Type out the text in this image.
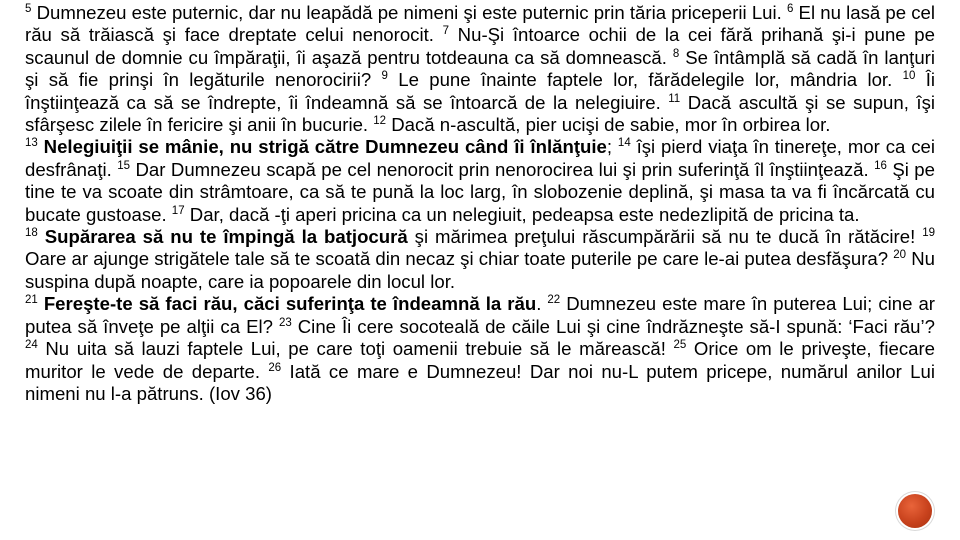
$^5$ Dumnezeu este puternic, dar nu leapădă pe nimeni şi este puternic prin tăria priceperii Lui. $^6$ El nu lasă pe cel rău să trăiască şi face dreptate celui nenorocit. $^7$ Nu-Şi întoarce ochii de la cei fără prihană şi-i pune pe scaunul de domnie cu împăraţii, îi aşază pentru totdeauna ca să domnească. $^8$ Se întâmplă să cadă în lanţuri şi să fie prinşi în legăturile nenorocirii? $^9$ Le pune înainte faptele lor, fărădelegile lor, mândria lor. $^{10}$ Îi înştiinţează ca să se îndrepte, îi îndeamnă să se întoarcă de la nelegiuire. $^{11}$ Dacă ascultă şi se supun, îşi sfârşesc zilele în fericire şi anii în bucurie. $^{12}$ Dacă n-ascultă, pier ucişi de sabie, mor în orbirea lor.

$^{13}$ Nelegiuiţii se mânie, nu strigă către Dumnezeu când îi înlănţuie; $^{14}$ îşi pierd viaţa în tinereţe, mor ca cei desfrânaţi. $^{15}$ Dar Dumnezeu scapă pe cel nenorocit prin nenorocirea lui şi prin suferinţă îl înştiinţează. $^{16}$ Şi pe tine te va scoate din strâmtoare, ca să te pună la loc larg, în slobozenie deplină, şi masa ta va fi încărcată cu bucate gustoase. $^{17}$ Dar, dacă -ţi aperi pricina ca un nelegiuit, pedeapsa este nedezlipită de pricina ta.

$^{18}$ Supărarea să nu te împingă la batjocură şi mărimea preţului răscumpărării să nu te ducă în rătăcire! $^{19}$ Oare ar ajunge strigătele tale să te scoată din necaz şi chiar toate puterile pe care le-ai putea desfăşura? $^{20}$ Nu suspina după noapte, care ia popoarele din locul lor.

$^{21}$ Fereşte-te să faci rău, căci suferinţa te îndeamnă la rău. $^{22}$ Dumnezeu este mare în puterea Lui; cine ar putea să înveţe pe alţii ca El? $^{23}$ Cine Îi cere socoteală de căile Lui şi cine îndrăzneşte să-I spună: ‘Faci rău’? $^{24}$ Nu uita să lauzi faptele Lui, pe care toţi oamenii trebuie să le mărească! $^{25}$ Orice om le priveşte, fiecare muritor le vede de departe. $^{26}$ Iată ce mare e Dumnezeu! Dar noi nu-L putem pricepe, numărul anilor Lui nimeni nu l-a pătruns. (Iov 36)
